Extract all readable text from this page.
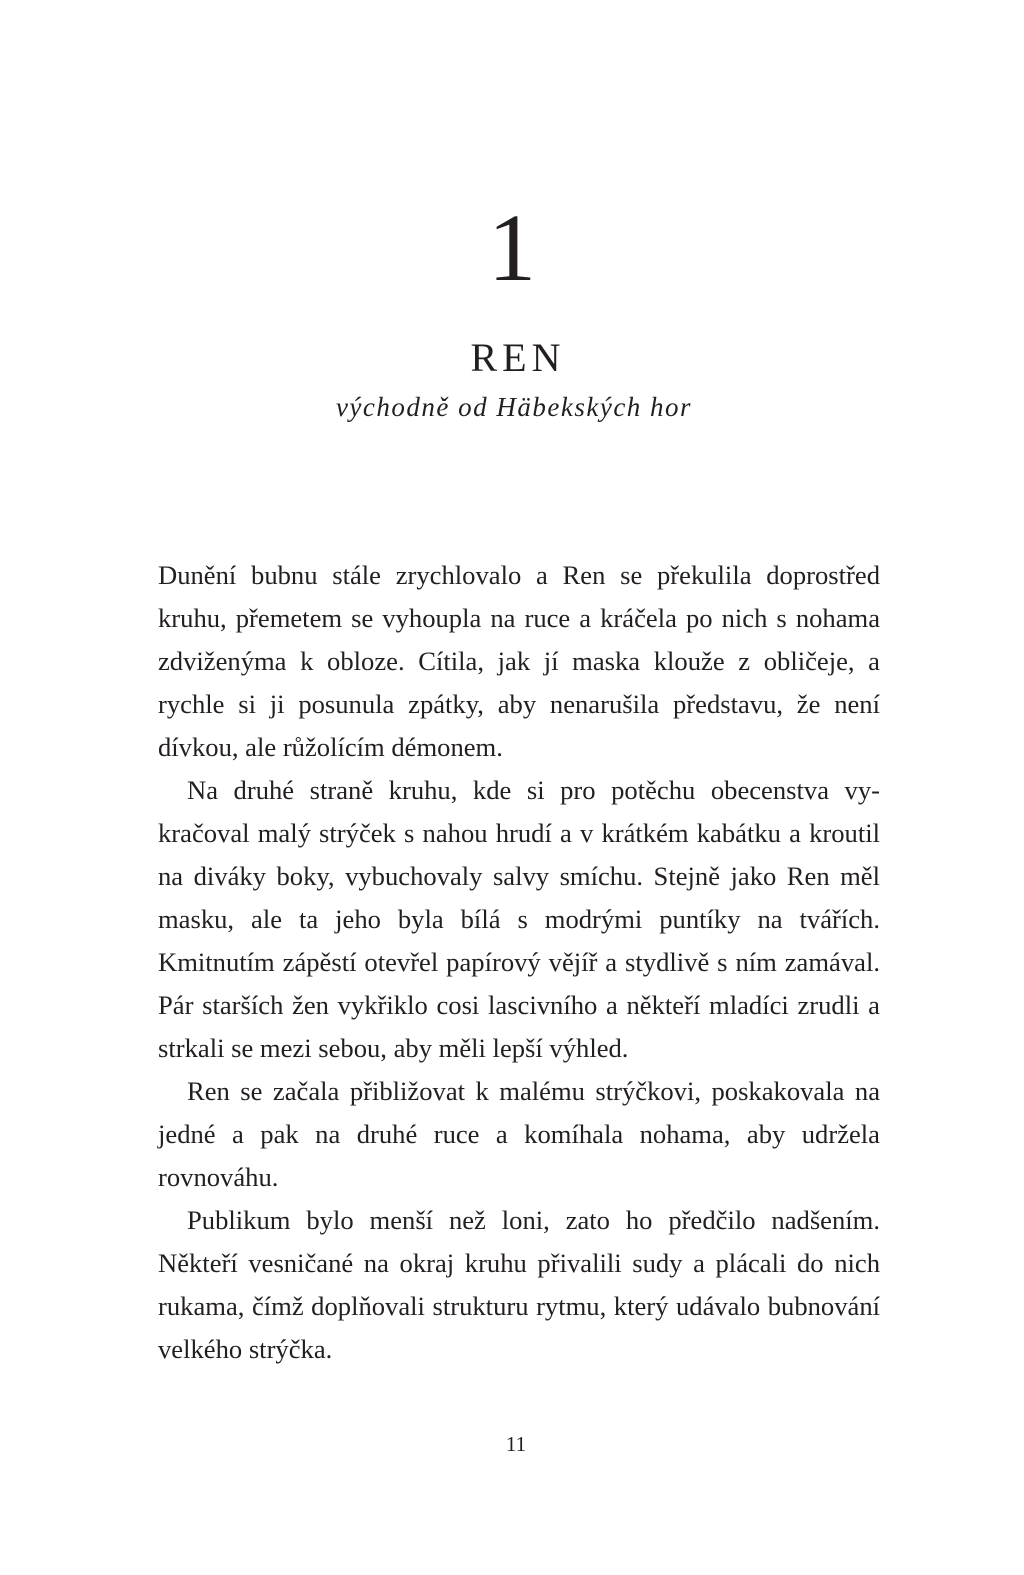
1
REN

východně od Häbekských hor

Dunění bubnu stále zrychlovalo a Ren se překulila doprostřed kruhu, přemetem se vyhoupla na ruce a kráčela po nich s nohama zdviženýma k obloze. Cítila, jak jí maska klouže z obličeje, a rychle si ji posunula zpátky, aby nenarušila představu, že není dívkou, ale růžolícím démonem.

Na druhé straně kruhu, kde si pro potěchu obecenstva vykračoval malý strýček s nahou hrudí a v krátkém kabátku a kroutil na diváky boky, vybuchovaly salvy smíchu. Stejně jako Ren měl masku, ale ta jeho byla bílá s modrými puntíky na tvářích. Kmitnutím zápěstí otevřel papírový vějíř a stydlivě s ním zamával. Pár starších žen vykřiklo cosi lascivního a někteří mladíci zrudli a strkali se mezi sebou, aby měli lepší výhled.

Ren se začala přibližovat k malému strýčkovi, poskakovala na jedné a pak na druhé ruce a komíhala nohama, aby udržela rovnováhu.

Publikum bylo menší než loni, zato ho předčilo nadšením. Někteří vesničané na okraj kruhu přivalili sudy a plácali do nich rukama, čímž doplňovali strukturu rytmu, který udávalo bubnování velkého strýčka.

11
